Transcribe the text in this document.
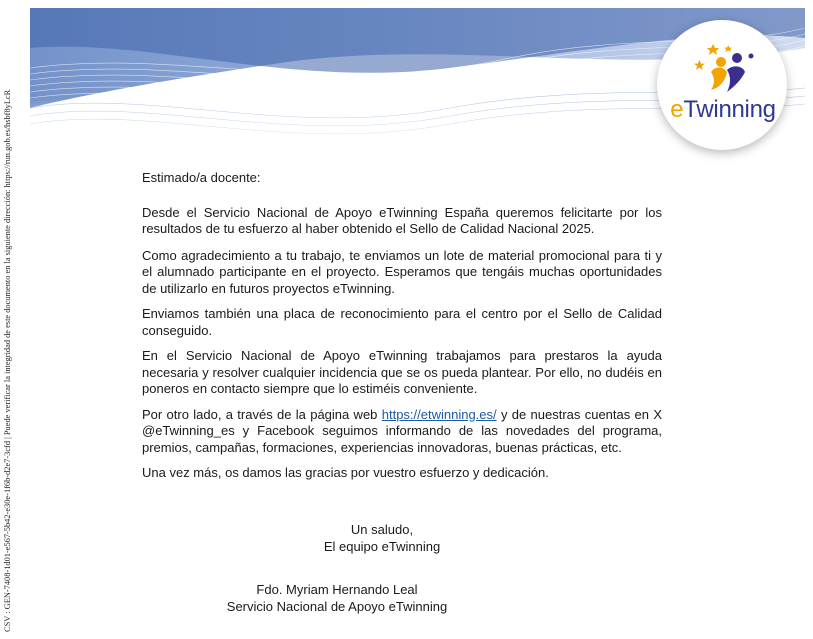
eTwinning
CSV : GEN-7408-1d01-e567-5b42-e30e-1f6b-d2e7-3cfd | Puede verificar la integridad de este documento en la siguiente dirección: https://run.gob.es/hsbf8yLcR	Estimado/a docente:

Desde el Servicio Nacional de Apoyo eTwinning España queremos felicitarte por los resultados de tu esfuerzo al haber obtenido el Sello de Calidad Nacional 2025.

Como agradecimiento a tu trabajo, te enviamos un lote de material promocional para ti y el alumnado participante en el proyecto. Esperamos que tengáis muchas oportunidades de utilizarlo en futuros proyectos eTwinning.

Enviamos también una placa de reconocimiento para el centro por el Sello de Calidad conseguido.

En el Servicio Nacional de Apoyo eTwinning trabajamos para prestaros la ayuda necesaria y resolver cualquier incidencia que se os pueda plantear. Por ello, no dudéis en poneros en contacto siempre que lo estiméis conveniente.

Por otro lado, a través de la página web https://etwinning.es/ y de nuestras cuentas en X @eTwinning_es y Facebook seguimos informando de las novedades del programa, premios, campañas, formaciones, experiencias innovadoras, buenas prácticas, etc.

Una vez más, os damos las gracias por vuestro esfuerzo y dedicación.

Un saludo,
El equipo eTwinning
Fdo. Myriam Hernando Leal
Servicio Nacional de Apoyo eTwinning
